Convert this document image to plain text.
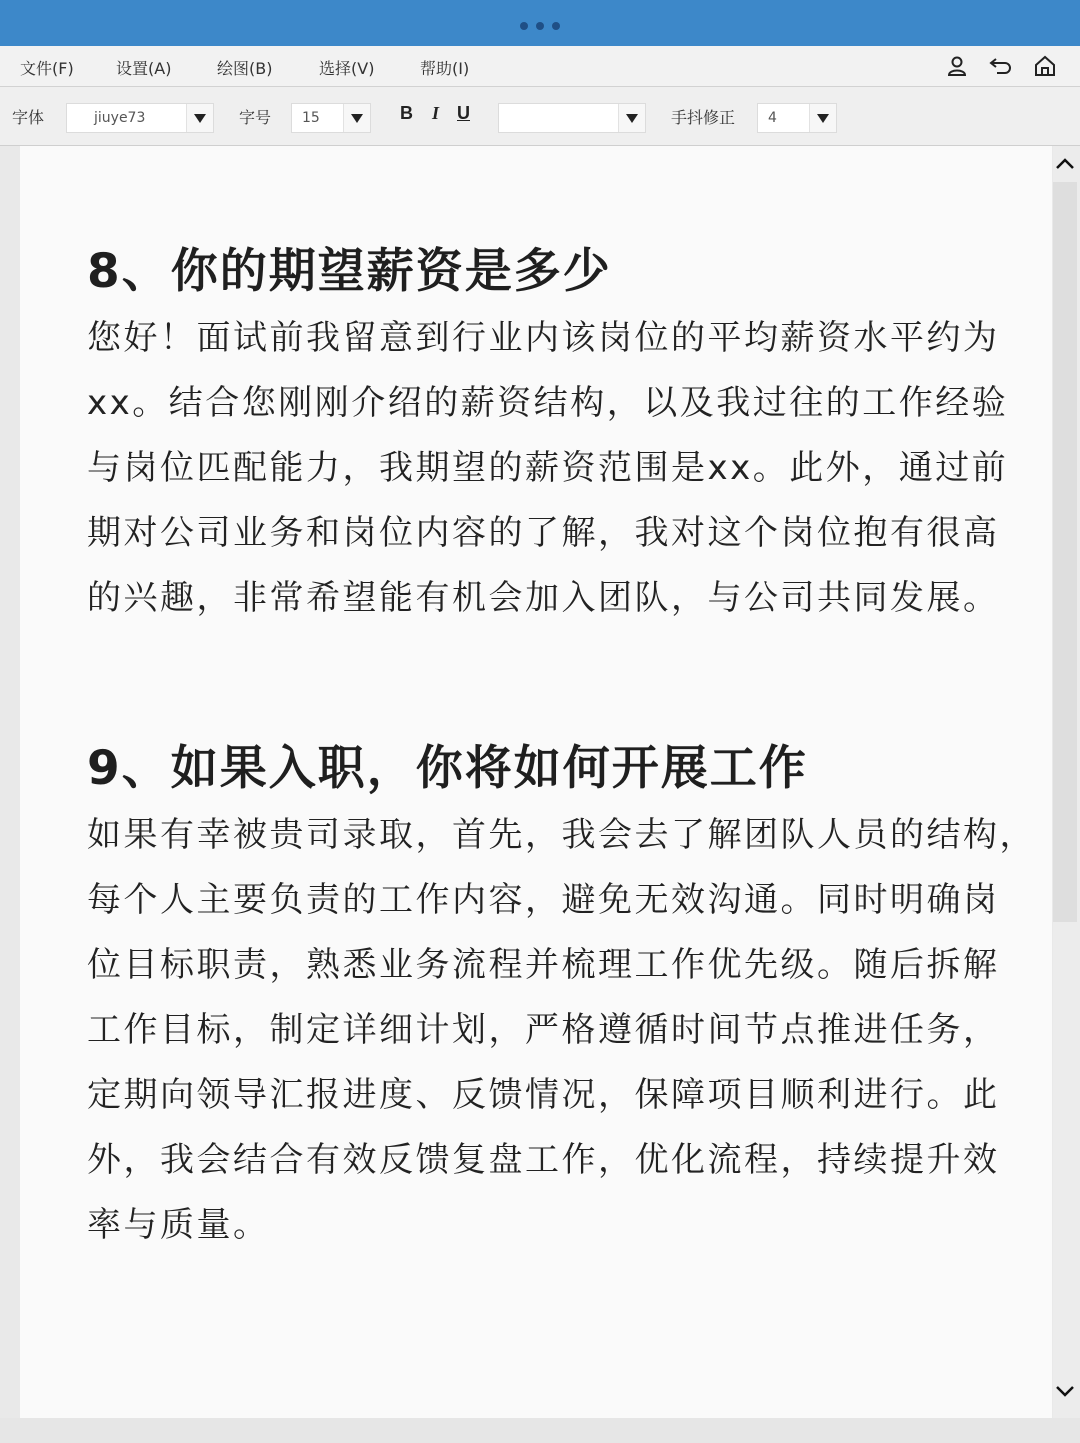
文件(F)	设置(A)	绘图(B)	选择(V)	帮助(I)
字体	jiuye73	字号	15	B I U	手抖修正	4
8、你的期望薪资是多少
您好！面试前我留意到行业内该岗位的平均薪资水平约为
xx。结合您刚刚介绍的薪资结构，以及我过往的工作经验
与岗位匹配能力，我期望的薪资范围是xx。此外，通过前
期对公司业务和岗位内容的了解，我对这个岗位抱有很高
的兴趣，非常希望能有机会加入团队，与公司共同发展。
9、如果入职，你将如何开展工作
如果有幸被贵司录取，首先，我会去了解团队人员的结构，
每个人主要负责的工作内容，避免无效沟通。同时明确岗
位目标职责，熟悉业务流程并梳理工作优先级。随后拆解
工作目标，制定详细计划，严格遵循时间节点推进任务，
定期向领导汇报进度、反馈情况，保障项目顺利进行。此
外，我会结合有效反馈复盘工作，优化流程，持续提升效
率与质量。
